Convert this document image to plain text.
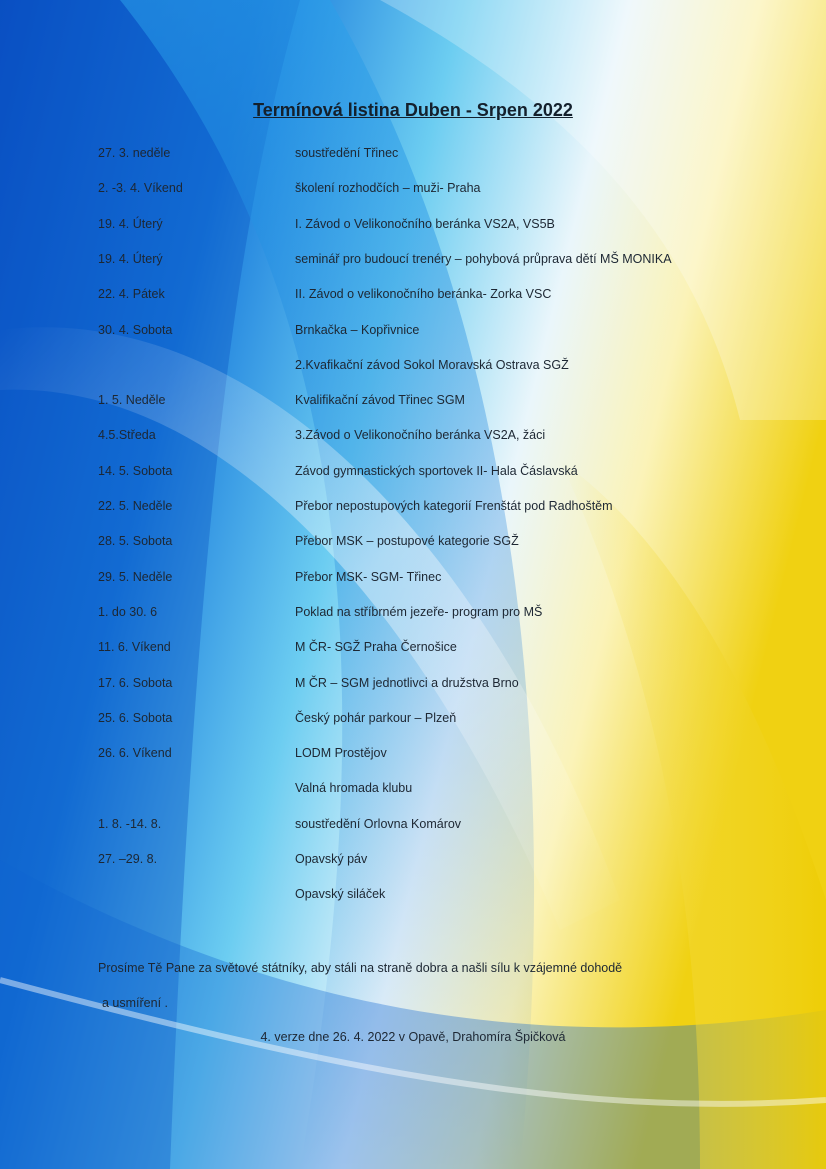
Termínová listina Duben - Srpen 2022
27. 3. neděle	soustředění Třinec
2. -3. 4. Víkend	školení rozhodčích – muži- Praha
19. 4. Úterý	I. Závod o Velikonočního beránka VS2A, VS5B
19. 4. Úterý	seminář pro budoucí trenéry – pohybová průprava dětí MŠ MONIKA
22. 4. Pátek	II. Závod o velikonočního beránka- Zorka VSC
30. 4. Sobota	Brnkačka – Kopřivnice
2.Kvafikační závod Sokol Moravská Ostrava SGŽ
1. 5. Neděle	Kvalifikační závod Třinec SGM
4.5.Středa	3.Závod o Velikonočního beránka VS2A, žáci
14. 5. Sobota	Závod gymnastických sportovek II- Hala Čáslavská
22. 5. Neděle	Přebor nepostupových kategorií Frenštát pod Radhoštěm
28. 5. Sobota	Přebor MSK – postupové kategorie SGŽ
29. 5. Neděle	Přebor MSK- SGM- Třinec
1. do 30. 6	Poklad na stříbrném jezeře- program pro MŠ
11. 6. Víkend	M ČR- SGŽ Praha Černošice
17. 6. Sobota	M ČR – SGM jednotlivci a družstva Brno
25. 6. Sobota	Český pohár parkour – Plzeň
26. 6. Víkend	LODM Prostějov
Valná hromada klubu
1. 8. -14. 8.	soustředění Orlovna Komárov
27. –29. 8.	Opavský páv
Opavský siláček
Prosíme Tě Pane za světové státníky, aby stáli na straně dobra a našli sílu k vzájemné dohodě
a usmíření .
4. verze dne 26. 4. 2022 v Opavě, Drahomíra Špičková
